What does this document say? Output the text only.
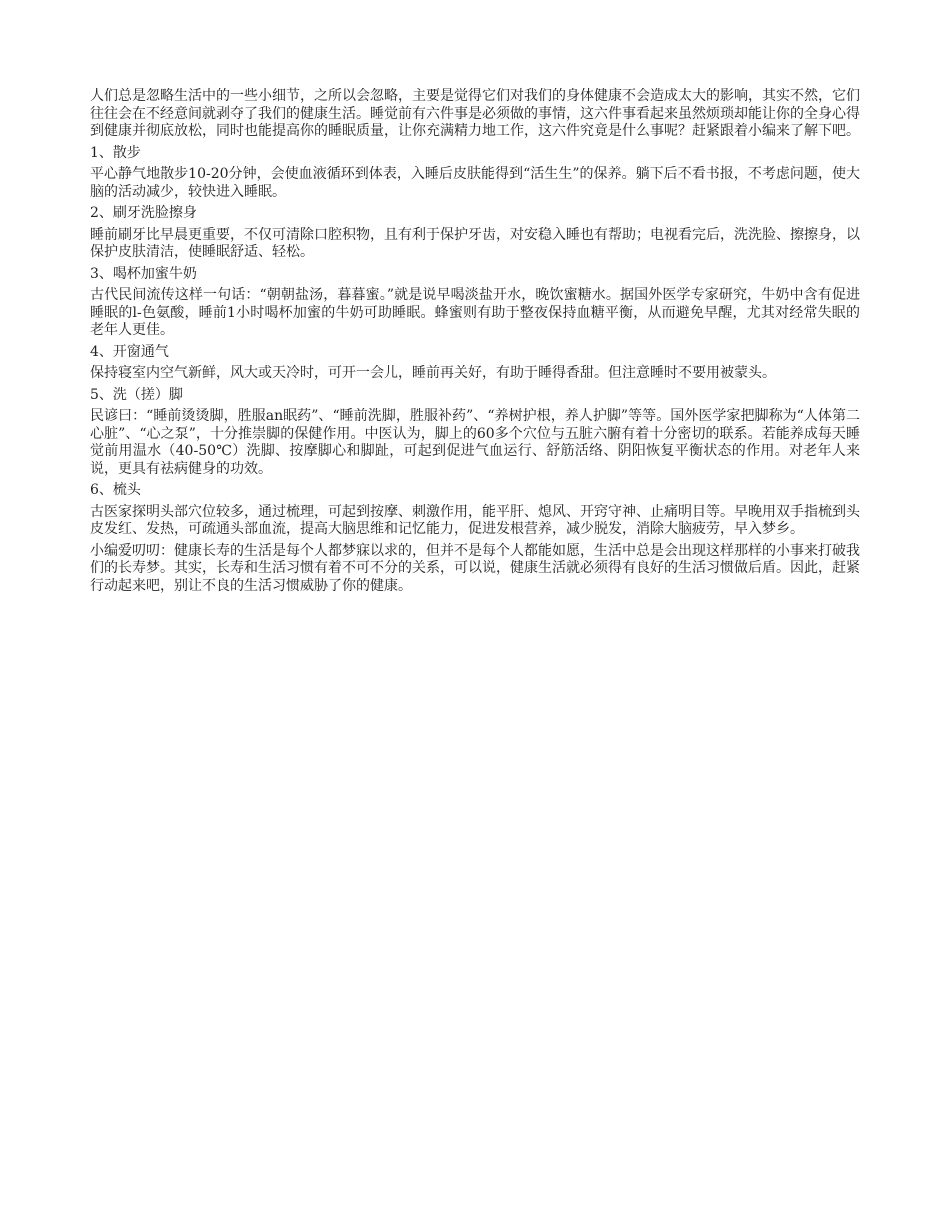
人们总是忽略生活中的一些小细节，之所以会忽略，主要是觉得它们对我们的身体健康不会造成太大的影响，其实不然，它们往往会在不经意间就剥夺了我们的健康生活。睡觉前有六件事是必须做的事情，这六件事看起来虽然烦琐却能让你的全身心得到健康并彻底放松，同时也能提高你的睡眠质量，让你充满精力地工作，这六件究竟是什么事呢？赶紧跟着小编来了解下吧。
1、散步
平心静气地散步10-20分钟，会使血液循环到体表，入睡后皮肤能得到“活生生”的保养。躺下后不看书报，不考虑问题，使大脑的活动减少，较快进入睡眠。
2、刷牙洗脸擦身
睡前刷牙比早晨更重要，不仅可清除口腔积物，且有利于保护牙齿，对安稳入睡也有帮助；电视看完后，洗洗脸、擦擦身，以保护皮肤清洁，使睡眠舒适、轻松。
3、喝杯加蜜牛奶
古代民间流传这样一句话：“朝朝盐汤，暮暮蜜。”就是说早喝淡盐开水，晚饮蜜糖水。据国外医学专家研究，牛奶中含有促进睡眠的l-色氨酸，睡前1小时喝杯加蜜的牛奶可助睡眠。蜂蜜则有助于整夜保持血糖平衡，从而避免早醒，尤其对经常失眠的老年人更佳。
4、开窗通气
保持寝室内空气新鲜，风大或天冷时，可开一会儿，睡前再关好，有助于睡得香甜。但注意睡时不要用被蒙头。
5、洗（搓）脚
民谚曰：“睡前烫烫脚，胜服an眠药”、“睡前洗脚，胜服补药”、“养树护根，养人护脚”等等。国外医学家把脚称为“人体第二心脏”、“心之泵”，十分推崇脚的保健作用。中医认为，脚上的60多个穴位与五脏六腑有着十分密切的联系。若能养成每天睡觉前用温水（40-50℃）洗脚、按摩脚心和脚趾，可起到促进气血运行、舒筋活络、阴阳恢复平衡状态的作用。对老年人来说，更具有祛病健身的功效。
6、梳头
古医家探明头部穴位较多，通过梳理，可起到按摩、刺激作用，能平肝、熄风、开窍守神、止痛明目等。早晚用双手指梳到头皮发红、发热，可疏通头部血流，提高大脑思维和记忆能力，促进发根营养，减少脱发，消除大脑疲劳，早入梦乡。
小编爱叨叨：健康长寿的生活是每个人都梦寐以求的，但并不是每个人都能如愿，生活中总是会出现这样那样的小事来打破我们的长寿梦。其实，长寿和生活习惯有着不可不分的关系，可以说，健康生活就必须得有良好的生活习惯做后盾。因此，赶紧行动起来吧，别让不良的生活习惯威胁了你的健康。
